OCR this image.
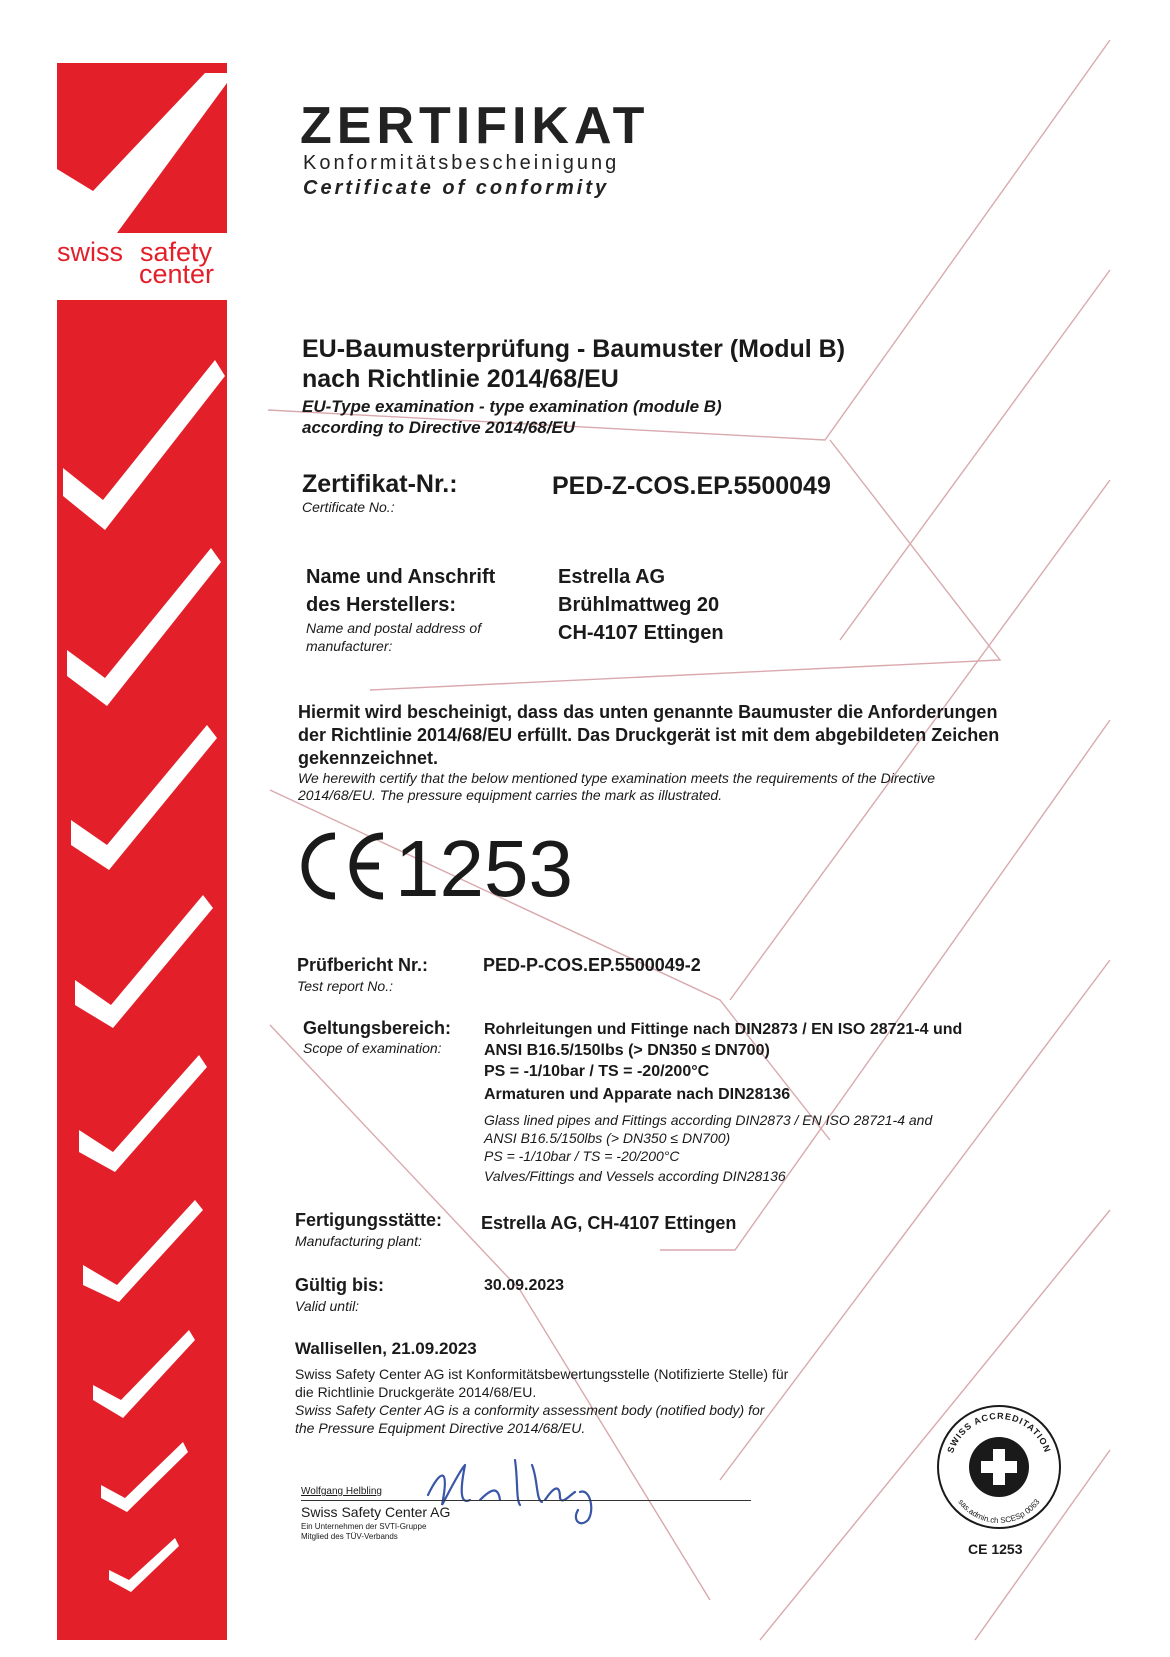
swiss safety
center
ZERTIFIKAT
Konformitätsbescheinigung
Certificate of conformity
EU-Baumusterprüfung - Baumuster (Modul B)
nach Richtlinie 2014/68/EU
EU-Type examination - type examination (module B)
according to Directive 2014/68/EU
Zertifikat-Nr.:
Certificate No.:
PED-Z-COS.EP.5500049
Name und Anschrift
des Herstellers:
Name and postal address of
manufacturer:
Estrella AG
Brühlmattweg 20
CH-4107 Ettingen
Hiermit wird bescheinigt, dass das unten genannte Baumuster die Anforderungen
der Richtlinie 2014/68/EU erfüllt. Das Druckgerät ist mit dem abgebildeten Zeichen
gekennzeichnet.
We herewith certify that the below mentioned type examination meets the requirements of the Directive
2014/68/EU. The pressure equipment carries the mark as illustrated.
1253
Prüfbericht Nr.:
Test report No.:
PED-P-COS.EP.5500049-2
Geltungsbereich:
Scope of examination:
Rohrleitungen und Fittinge nach DIN2873 / EN ISO 28721-4 und
ANSI B16.5/150lbs (> DN350 ≤ DN700)
PS = -1/10bar / TS = -20/200°C
Armaturen und Apparate nach DIN28136
Glass lined pipes and Fittings according DIN2873 / EN ISO 28721-4 and
ANSI B16.5/150lbs (> DN350 ≤ DN700)
PS = -1/10bar / TS = -20/200°C
Valves/Fittings and Vessels according DIN28136
Fertigungsstätte:
Manufacturing plant:
Estrella AG, CH-4107 Ettingen
Gültig bis:
Valid until:
30.09.2023
Wallisellen, 21.09.2023
Swiss Safety Center AG ist Konformitätsbewertungsstelle (Notifizierte Stelle) für
die Richtlinie Druckgeräte 2014/68/EU.
Swiss Safety Center AG is a conformity assessment body (notified body) for
the Pressure Equipment Directive 2014/68/EU.
Wolfgang Helbling
Swiss Safety Center AG
Ein Unternehmen der SVTI-Gruppe
Mitglied des TÜV-Verbands
SWISS ACCREDITATION
sas.admin.ch SCESp 0063
CE 1253
